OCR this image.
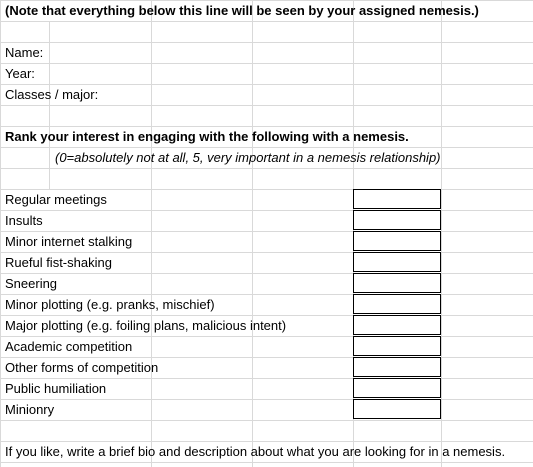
(Note that everything below this line will be seen by your assigned nemesis.)
Name:
Year:
Classes / major:
Rank your interest in engaging with the following with a nemesis.
(0=absolutely not at all, 5, very important in a nemesis relationship)
Regular meetings
Insults
Minor internet stalking
Rueful fist-shaking
Sneering
Minor plotting (e.g. pranks, mischief)
Major plotting (e.g. foiling plans, malicious intent)
Academic competition
Other forms of competition
Public humiliation
Minionry
If you like, write a brief bio and description about what you are looking for in a nemesis.
